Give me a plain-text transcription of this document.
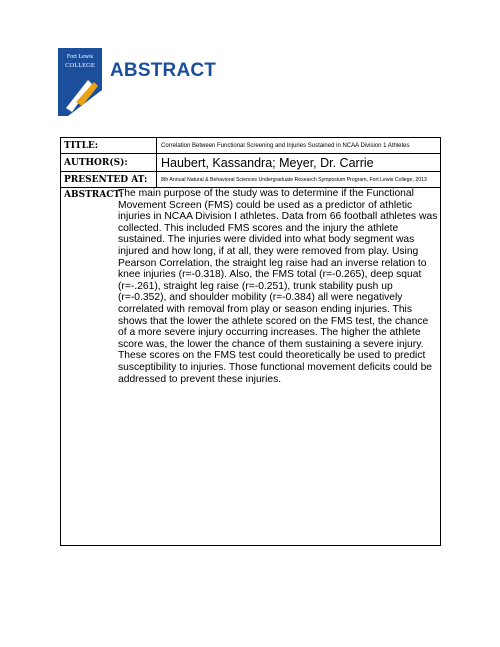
Fort Lewis
COLLEGE ABSTRACT
TITLE:	Correlation Between Functional Screening and Injuries Sustained in NCAA Division 1 Athletes
AUTHOR(S):	Haubert, Kassandra; Meyer, Dr. Carrie
PRESENTED AT:	8th Annual Natural & Behavioral Sciences Undergraduate Research Symposium Program, Fort Lewis College, 2013
ABSTRACT:
The main purpose of the study was to determine if the Functional Movement Screen (FMS) could be used as a predictor of athletic injuries in NCAA Division I athletes. Data from 66 football athletes was collected. This included FMS scores and the injury the athlete sustained. The injuries were divided into what body segment was injured and how long, if at all, they were removed from play. Using Pearson Correlation, the straight leg raise had an inverse relation to knee injuries (r=-0.318). Also, the FMS total (r=-0.265), deep squat (r=-.261), straight leg raise (r=-0.251), trunk stability push up (r=-0.352), and shoulder mobility (r=-0.384) all were negatively correlated with removal from play or season ending injuries. This shows that the lower the athlete scored on the FMS test, the chance of a more severe injury occurring increases. The higher the athlete score was, the lower the chance of them sustaining a severe injury. These scores on the FMS test could theoretically be used to predict susceptibility to injuries. Those functional movement deficits could be addressed to prevent these injuries.
